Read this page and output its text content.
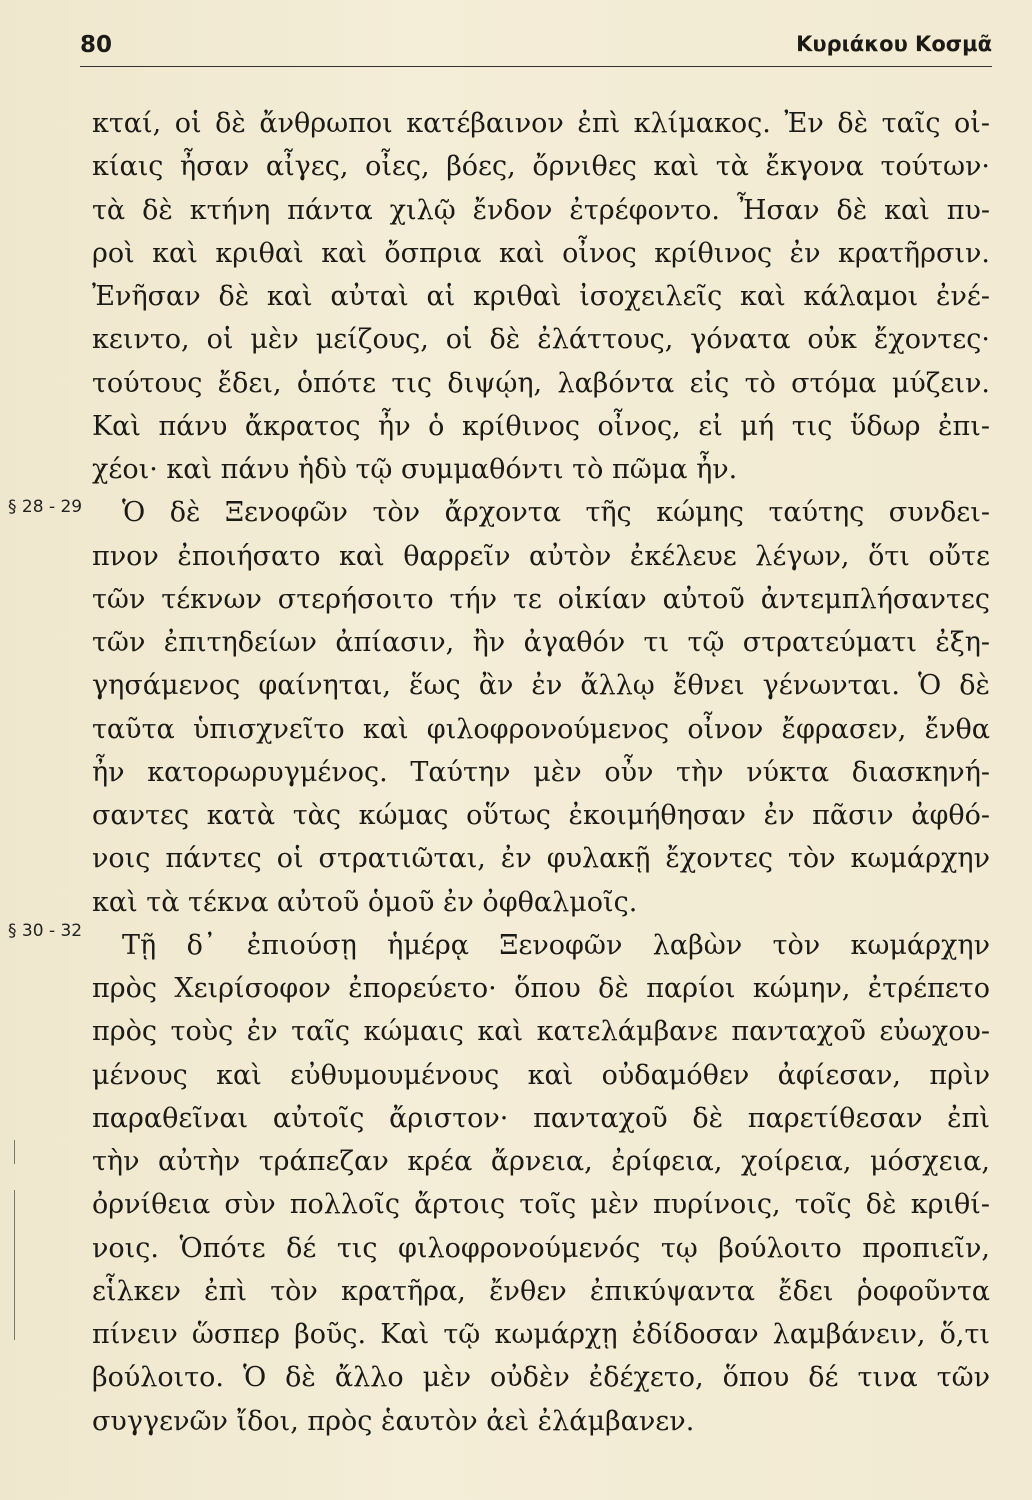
80	Κυριάκου Κοσμᾶ
§ 28 - 29
§ 30 - 32
κταί, οἱ δὲ ἄνθρωποι κατέβαινον ἐπὶ κλίμακος. Ἐν δὲ ταῖς οἰ-
κίαις ἦσαν αἶγες, οἶες, βόες, ὄρνιθες καὶ τὰ ἔκγονα τούτων·
τὰ δὲ κτήνη πάντα χιλῷ ἔνδον ἐτρέφοντο. Ἦσαν δὲ καὶ πυ-
ροὶ καὶ κριθαὶ καὶ ὄσπρια καὶ οἶνος κρίθινος ἐν κρατῆρσιν.
Ἐνῆσαν δὲ καὶ αὐταὶ αἱ κριθαὶ ἰσοχειλεῖς καὶ κάλαμοι ἐνέ-
κειντο, οἱ μὲν μείζους, οἱ δὲ ἐλάττους, γόνατα οὐκ ἔχοντες·
τούτους ἔδει, ὁπότε τις διψῴη, λαβόντα εἰς τὸ στόμα μύζειν.
Καὶ πάνυ ἄκρατος ἦν ὁ κρίθινος οἶνος, εἰ μή τις ὕδωρ ἐπι-
χέοι· καὶ πάνυ ἡδὺ τῷ συμμαθόντι τὸ πῶμα ἦν.
Ὁ δὲ Ξενοφῶν τὸν ἄρχοντα τῆς κώμης ταύτης συνδει-
πνον ἐποιήσατο καὶ θαρρεῖν αὐτὸν ἐκέλευε λέγων, ὅτι οὔτε
τῶν τέκνων στερήσοιτο τήν τε οἰκίαν αὐτοῦ ἀντεμπλήσαντες
τῶν ἐπιτηδείων ἀπίασιν, ἢν ἀγαθόν τι τῷ στρατεύματι ἐξη-
γησάμενος φαίνηται, ἕως ἂν ἐν ἄλλῳ ἔθνει γένωνται. Ὁ δὲ
ταῦτα ὑπισχνεῖτο καὶ φιλοφρονούμενος οἶνον ἔφρασεν, ἔνθα
ἦν κατορωρυγμένος. Ταύτην μὲν οὖν τὴν νύκτα διασκηνή-
σαντες κατὰ τὰς κώμας οὕτως ἐκοιμήθησαν ἐν πᾶσιν ἀφθό-
νοις πάντες οἱ στρατιῶται, ἐν φυλακῇ ἔχοντες τὸν κωμάρχην
καὶ τὰ τέκνα αὐτοῦ ὁμοῦ ἐν ὀφθαλμοῖς.
Τῇ δ᾽ ἐπιούσῃ ἡμέρᾳ Ξενοφῶν λαβὼν τὸν κωμάρχην
πρὸς Χειρίσοφον ἐπορεύετο· ὅπου δὲ παρίοι κώμην, ἐτρέπετο
πρὸς τοὺς ἐν ταῖς κώμαις καὶ κατελάμβανε πανταχοῦ εὐωχου-
μένους καὶ εὐθυμουμένους καὶ οὐδαμόθεν ἀφίεσαν, πρὶν
παραθεῖναι αὐτοῖς ἄριστον· πανταχοῦ δὲ παρετίθεσαν ἐπὶ
τὴν αὐτὴν τράπεζαν κρέα ἄρνεια, ἐρίφεια, χοίρεια, μόσχεια,
ὀρνίθεια σὺν πολλοῖς ἄρτοις τοῖς μὲν πυρίνοις, τοῖς δὲ κριθί-
νοις. Ὁπότε δέ τις φιλοφρονούμενός τῳ βούλοιτο προπιεῖν,
εἷλκεν ἐπὶ τὸν κρατῆρα, ἔνθεν ἐπικύψαντα ἔδει ῥοφοῦντα
πίνειν ὥσπερ βοῦς. Καὶ τῷ κωμάρχῃ ἐδίδοσαν λαμβάνειν, ὅ,τι
βούλοιτο. Ὁ δὲ ἄλλο μὲν οὐδὲν ἐδέχετο, ὅπου δέ τινα τῶν
συγγενῶν ἴδοι, πρὸς ἑαυτὸν ἀεὶ ἐλάμβανεν.
